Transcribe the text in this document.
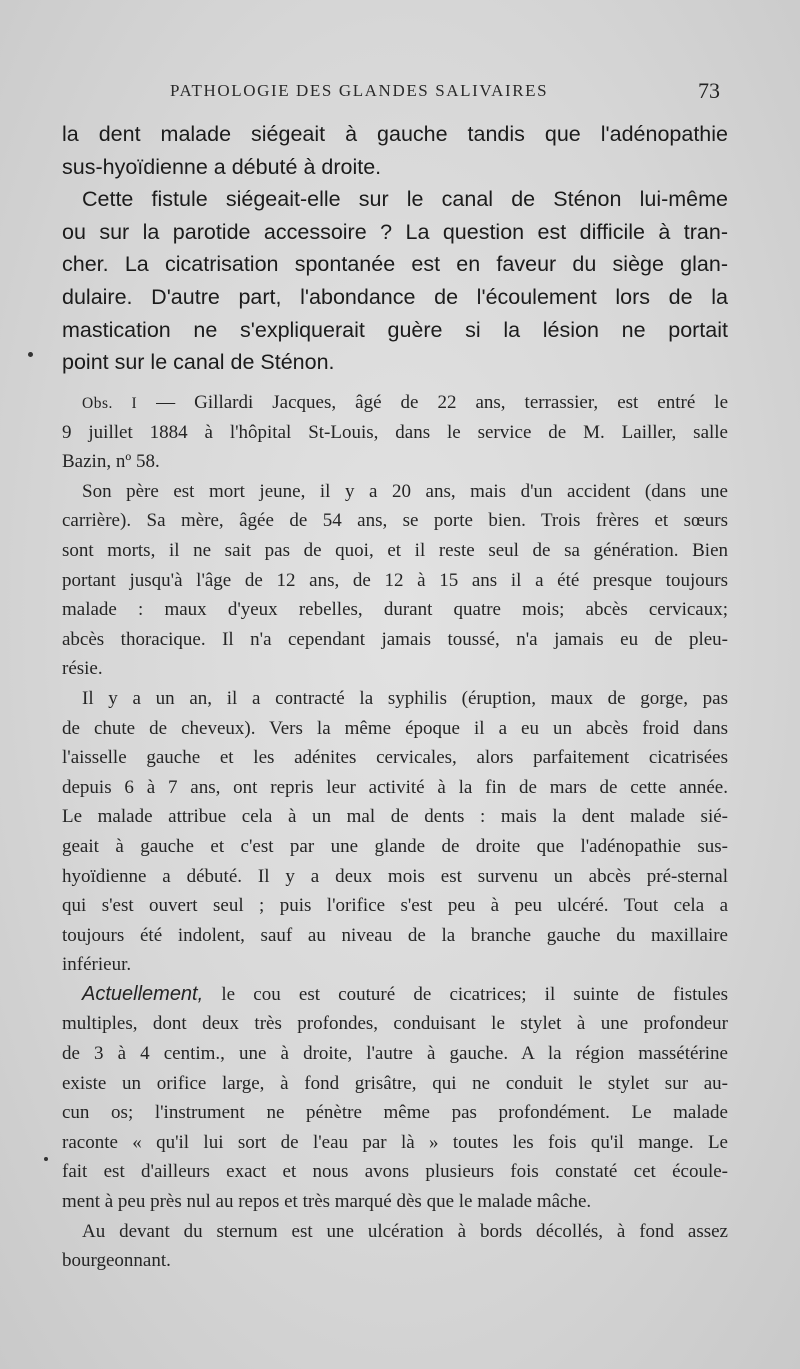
PATHOLOGIE DES GLANDES SALIVAIRES	73
la dent malade siégeait à gauche tandis que l'adénopathie
sus-hyoïdienne a débuté à droite.
Cette fistule siégeait-elle sur le canal de Sténon lui-même
ou sur la parotide accessoire ? La question est difficile à tran-
cher. La cicatrisation spontanée est en faveur du siège glan-
dulaire. D'autre part, l'abondance de l'écoulement lors de la
mastication ne s'expliquerait guère si la lésion ne portait
point sur le canal de Sténon.
Obs. I — Gillardi Jacques, âgé de 22 ans, terrassier, est entré le
9 juillet 1884 à l'hôpital St-Louis, dans le service de M. Lailler, salle
Bazin, nº 58.
Son père est mort jeune, il y a 20 ans, mais d'un accident (dans une
carrière). Sa mère, âgée de 54 ans, se porte bien. Trois frères et sœurs
sont morts, il ne sait pas de quoi, et il reste seul de sa génération. Bien
portant jusqu'à l'âge de 12 ans, de 12 à 15 ans il a été presque toujours
malade : maux d'yeux rebelles, durant quatre mois; abcès cervicaux;
abcès thoracique. Il n'a cependant jamais toussé, n'a jamais eu de pleu-
résie.
Il y a un an, il a contracté la syphilis (éruption, maux de gorge, pas
de chute de cheveux). Vers la même époque il a eu un abcès froid dans
l'aisselle gauche et les adénites cervicales, alors parfaitement cicatrisées
depuis 6 à 7 ans, ont repris leur activité à la fin de mars de cette année.
Le malade attribue cela à un mal de dents : mais la dent malade sié-
geait à gauche et c'est par une glande de droite que l'adénopathie sus-
hyoïdienne a débuté. Il y a deux mois est survenu un abcès pré-sternal
qui s'est ouvert seul ; puis l'orifice s'est peu à peu ulcéré. Tout cela a
toujours été indolent, sauf au niveau de la branche gauche du maxillaire
inférieur.
Actuellement, le cou est couturé de cicatrices; il suinte de fistules
multiples, dont deux très profondes, conduisant le stylet à une profondeur
de 3 à 4 centim., une à droite, l'autre à gauche. A la région massétérine
existe un orifice large, à fond grisâtre, qui ne conduit le stylet sur au-
cun os; l'instrument ne pénètre même pas profondément. Le malade
raconte « qu'il lui sort de l'eau par là » toutes les fois qu'il mange. Le
fait est d'ailleurs exact et nous avons plusieurs fois constaté cet écoule-
ment à peu près nul au repos et très marqué dès que le malade mâche.
Au devant du sternum est une ulcération à bords décollés, à fond assez
bourgeonnant.
